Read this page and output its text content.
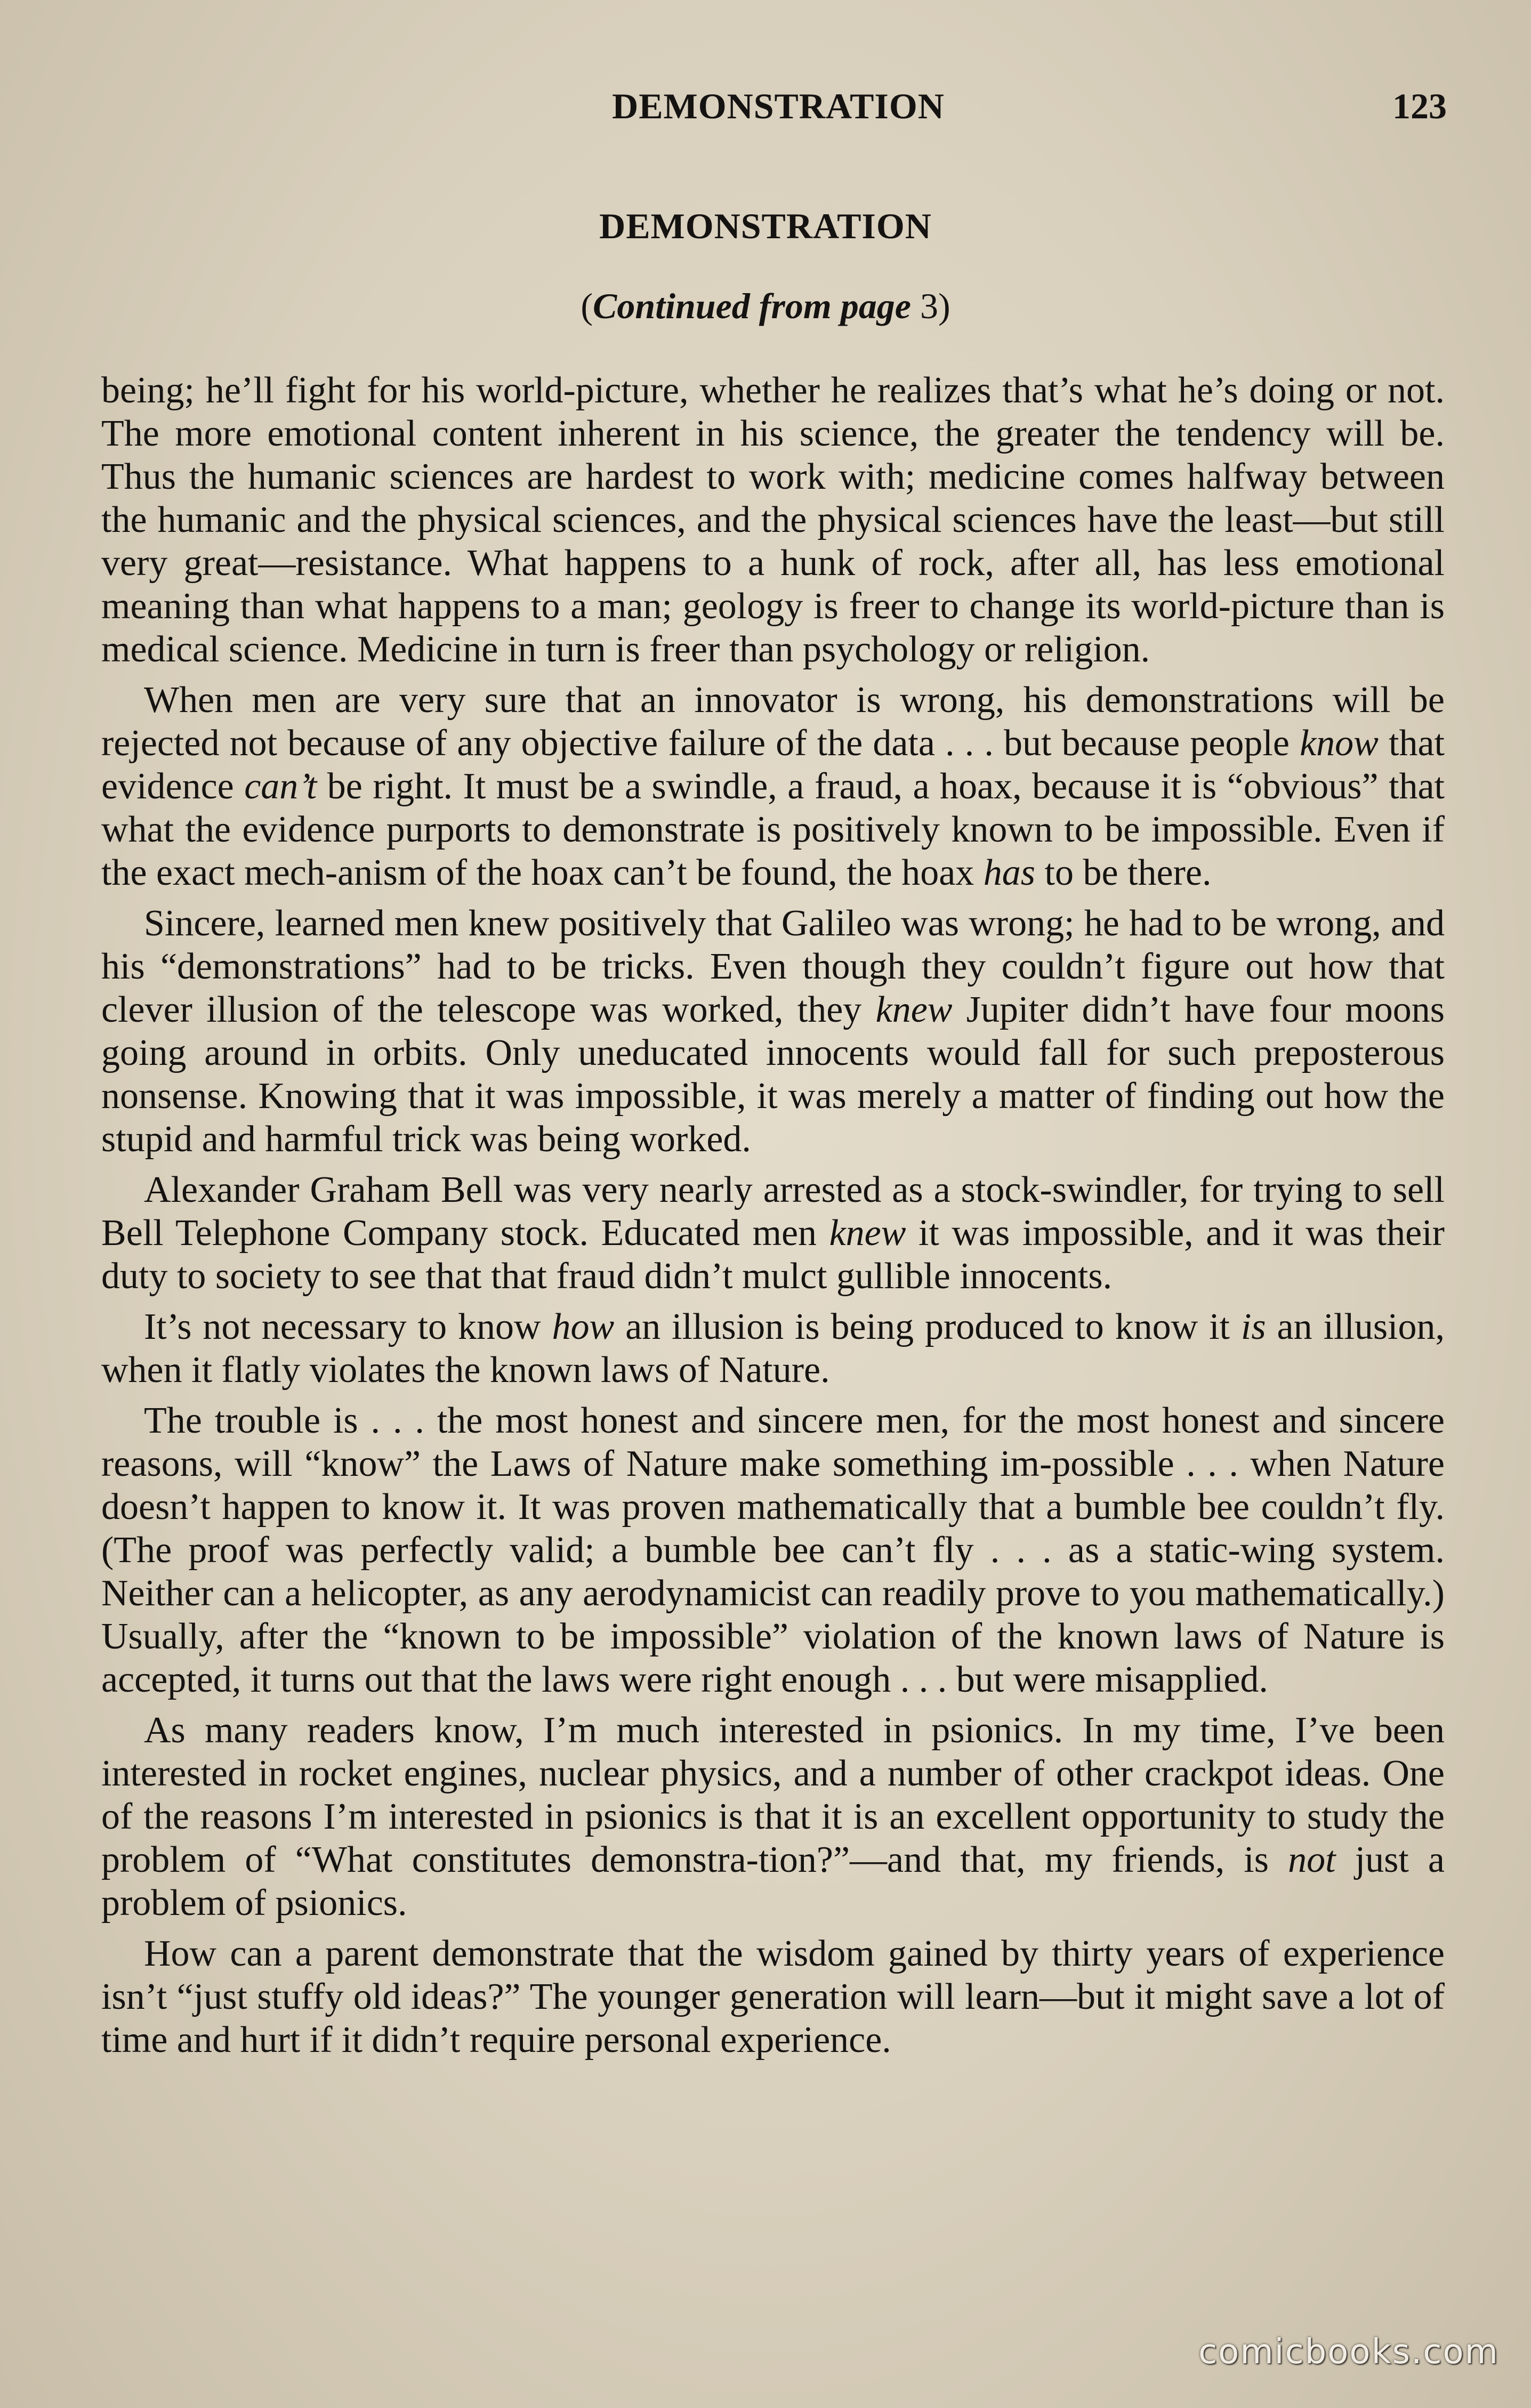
DEMONSTRATION	123
DEMONSTRATION
(Continued from page 3)

being; he’ll fight for his world-picture, whether he realizes that’s what he’s doing or not. The more emotional content inherent in his science, the greater the tendency will be. Thus the humanic sciences are hardest to work with; medicine comes halfway between the humanic and the physical sciences, and the physical sciences have the least—but still very great—resistance. What happens to a hunk of rock, after all, has less emotional meaning than what happens to a man; geology is freer to change its world-picture than is medical science. Medicine in turn is freer than psychology or religion.

When men are very sure that an innovator is wrong, his demonstrations will be rejected not because of any objective failure of the data . . . but because people know that evidence can’t be right. It must be a swindle, a fraud, a hoax, because it is “obvious” that what the evidence purports to demonstrate is positively known to be impossible. Even if the exact mech-anism of the hoax can’t be found, the hoax has to be there.

Sincere, learned men knew positively that Galileo was wrong; he had to be wrong, and his “demonstrations” had to be tricks. Even though they couldn’t figure out how that clever illusion of the telescope was worked, they knew Jupiter didn’t have four moons going around in orbits. Only uneducated innocents would fall for such preposterous nonsense. Knowing that it was impossible, it was merely a matter of finding out how the stupid and harmful trick was being worked.

Alexander Graham Bell was very nearly arrested as a stock-swindler, for trying to sell Bell Telephone Company stock. Educated men knew it was impossible, and it was their duty to society to see that that fraud didn’t mulct gullible innocents.

It’s not necessary to know how an illusion is being produced to know it is an illusion, when it flatly violates the known laws of Nature.

The trouble is . . . the most honest and sincere men, for the most honest and sincere reasons, will “know” the Laws of Nature make something im-possible . . . when Nature doesn’t happen to know it. It was proven mathematically that a bumble bee couldn’t fly. (The proof was perfectly valid; a bumble bee can’t fly . . . as a static-wing system. Neither can a helicopter, as any aerodynamicist can readily prove to you mathematically.) Usually, after the “known to be impossible” violation of the known laws of Nature is accepted, it turns out that the laws were right enough . . . but were misapplied.

As many readers know, I’m much interested in psionics. In my time, I’ve been interested in rocket engines, nuclear physics, and a number of other crackpot ideas. One of the reasons I’m interested in psionics is that it is an excellent opportunity to study the problem of “What constitutes demonstra-tion?”—and that, my friends, is not just a problem of psionics.

How can a parent demonstrate that the wisdom gained by thirty years of experience isn’t “just stuffy old ideas?” The younger generation will learn—but it might save a lot of time and hurt if it didn’t require personal experience.

comicbooks.com
